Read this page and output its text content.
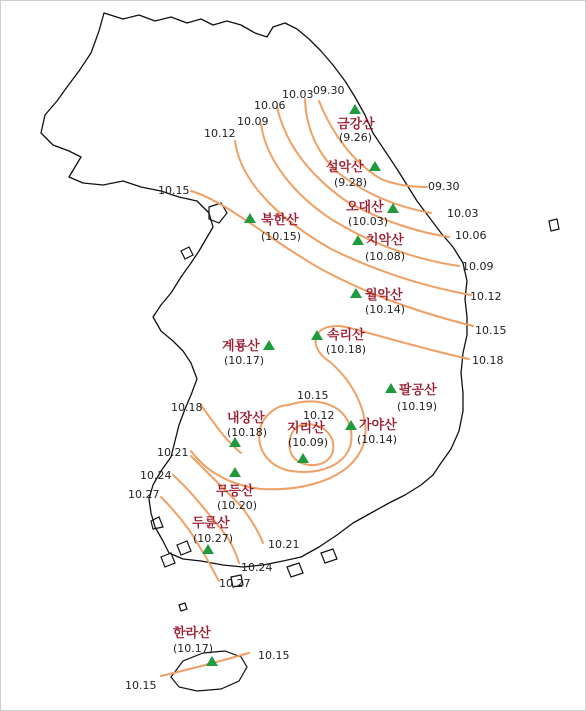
10.03 09.30
10.06
10.09
10.12
10.15	09.30
10.03
10.06
10.09
10.12
10.15
10.18
10.15
10.12
10.18
10.21
10.24
10.27
10.21
10.24
10.27
10.15
10.15
금강산
(9.26)
설악산
(9.28)
오대산
(10.03)
북한산
(10.15)	치악산
(10.08)
월악산
(10.14)
계룡산
(10.17)
속리산
(10.18)
팔공산
(10.19)
내장산
(10.18) 지리산
(10.09)
가야산
(10.14)
무등산
(10.20)
두륜산
(10.27)
한라산
(10.17)
